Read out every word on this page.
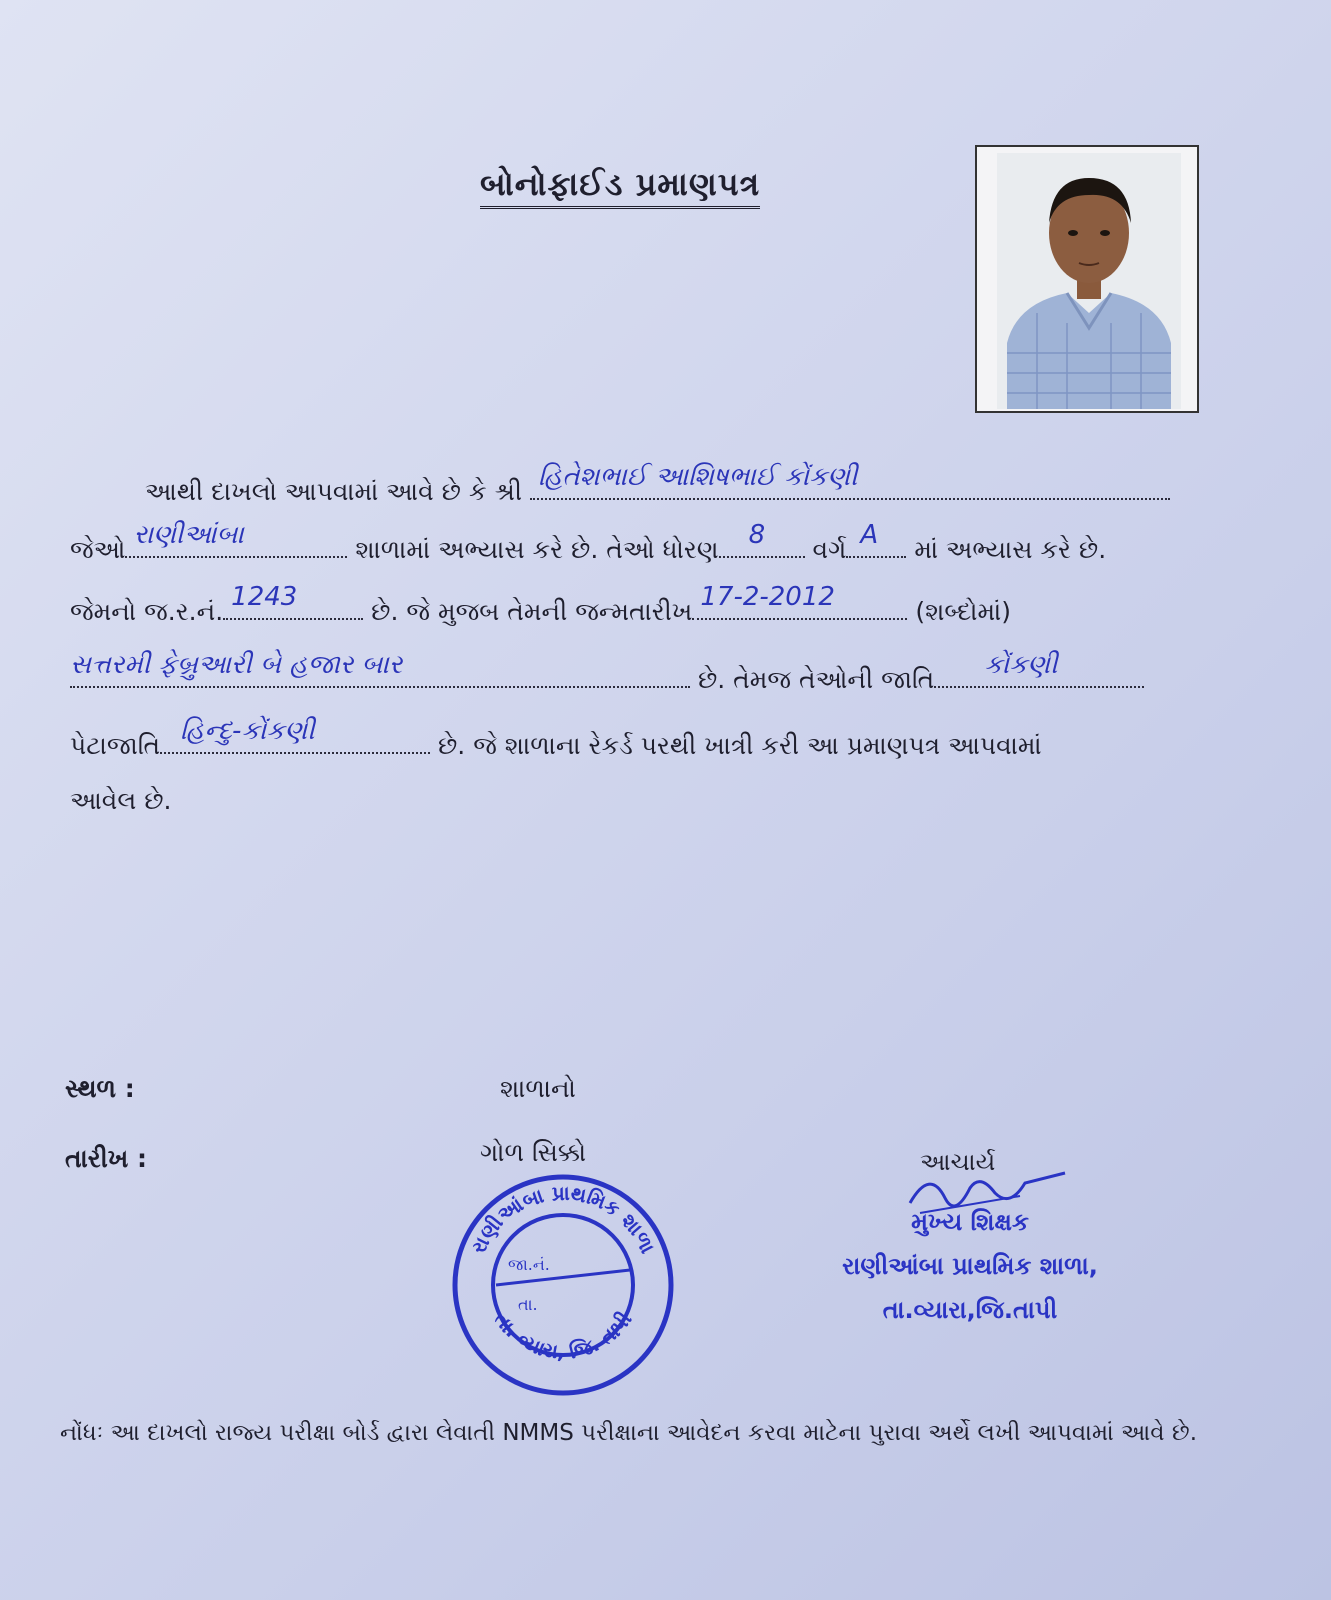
બોનોફાઈડ પ્રમાણપત્ર
આથી દાખલો આપવામાં આવે છે કે શ્રી હિતેશભાઈ આશિષભાઈ કોંકણી
જેઓ રાણીઆંબા	શાળામાં અભ્યાસ કરે છે. તેઓ ધોરણ 8 વર્ગ A માં અભ્યાસ કરે છે.
જેમનો જ.ર.નં. 1243	છે. જે મુજબ તેમની જન્મતારીખ 17-2-2012	(શબ્દોમાં)
સત્તરમી ફેબ્રુઆરી બે હજાર બાર	છે. તેમજ તેઓની જાતિ કોંકણી
પેટાજાતિ હિન્દુ-કોંકણી	છે. જે શાળાના રેકર્ડ પરથી ખાત્રી કરી આ પ્રમાણપત્ર આપવામાં
આવેલ છે.
સ્થળ :
તારીખ :
શાળાનો
ગોળ સિક્કો	આચાર્ય
રાણીઆંબા પ્રાથમિક શાળા
તા. વ્યારા, જિ. તાપી
જા.નં.
તા.
મુખ્ય શિક્ષક
રાણીઆંબા પ્રાથમિક શાળા,
તા.વ્યારા,જિ.તાપી
નોંધઃ આ દાખલો રાજ્ય પરીક્ષા બોર્ડ દ્વારા લેવાતી NMMS પરીક્ષાના આવેદન કરવા માટેના પુરાવા અર્થે લખી આપવામાં આવે છે.
